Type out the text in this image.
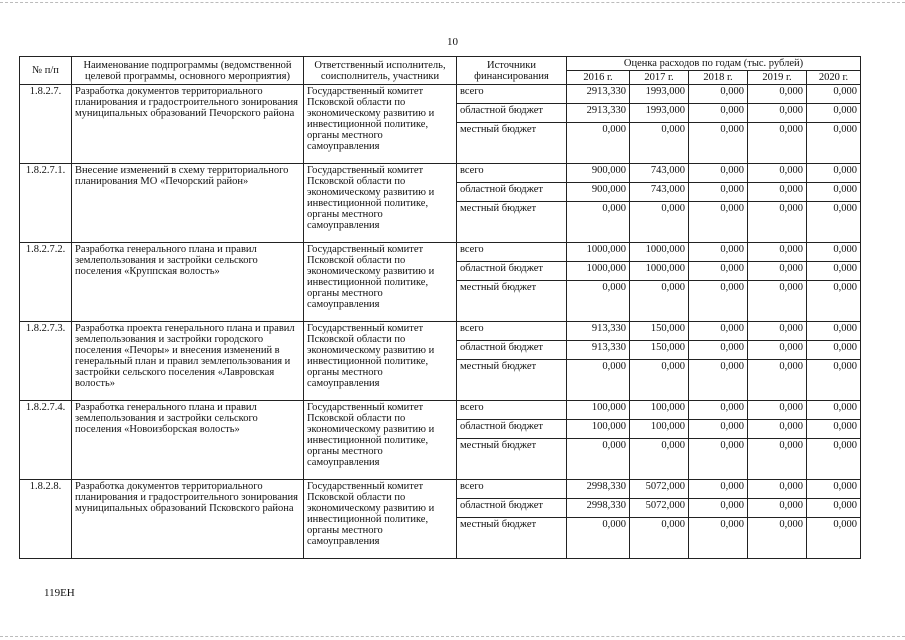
10
№ п/п	Наименование подпрограммы (ведомственной целевой программы, основного мероприятия)	Ответственный исполнитель, соисполнитель, участники	Источники финансирования	Оценка расходов по годам (тыс. рублей)				
				2016 г.	2017 г.	2018 г.	2019 г.	2020 г.
1.8.2.7.	Разработка документов территориального планирования и градостроительного зонирования муниципальных образований Печорского района	Государственный комитет Псковской области по экономическому развитию и инвестиционной политике, органы местного самоуправления	всего	2913,330	1993,000	0,000	0,000	0,000
			областной бюджет	2913,330	1993,000	0,000	0,000	0,000
			местный бюджет	0,000	0,000	0,000	0,000	0,000
1.8.2.7.1.	Внесение изменений в схему территориального планирования МО «Печорский район»	Государственный комитет Псковской области по экономическому развитию и инвестиционной политике, органы местного самоуправления	всего	900,000	743,000	0,000	0,000	0,000
			областной бюджет	900,000	743,000	0,000	0,000	0,000
			местный бюджет	0,000	0,000	0,000	0,000	0,000
1.8.2.7.2.	Разработка генерального плана и правил землепользования и застройки сельского поселения «Круппская волость»	Государственный комитет Псковской области по экономическому развитию и инвестиционной политике, органы местного самоуправления	всего	1000,000	1000,000	0,000	0,000	0,000
			областной бюджет	1000,000	1000,000	0,000	0,000	0,000
			местный бюджет	0,000	0,000	0,000	0,000	0,000
1.8.2.7.3.	Разработка проекта генерального плана и правил землепользования и застройки городского поселения «Печоры» и внесения изменений в генеральный план и правил землепользования и застройки сельского поселения «Лавровская волость»	Государственный комитет Псковской области по экономическому развитию и инвестиционной политике, органы местного самоуправления	всего	913,330	150,000	0,000	0,000	0,000
			областной бюджет	913,330	150,000	0,000	0,000	0,000
			местный бюджет	0,000	0,000	0,000	0,000	0,000
1.8.2.7.4.	Разработка генерального плана и правил землепользования и застройки сельского поселения «Новоизборская волость»	Государственный комитет Псковской области по экономическому развитию и инвестиционной политике, органы местного самоуправления	всего	100,000	100,000	0,000	0,000	0,000
			областной бюджет	100,000	100,000	0,000	0,000	0,000
			местный бюджет	0,000	0,000	0,000	0,000	0,000
1.8.2.8.	Разработка документов территориального планирования и градостроительного зонирования муниципальных образований Псковского района	Государственный комитет Псковской области по экономическому развитию и инвестиционной политике, органы местного самоуправления	всего	2998,330	5072,000	0,000	0,000	0,000
			областной бюджет	2998,330	5072,000	0,000	0,000	0,000
			местный бюджет	0,000	0,000	0,000	0,000	0,000
119ЕН
